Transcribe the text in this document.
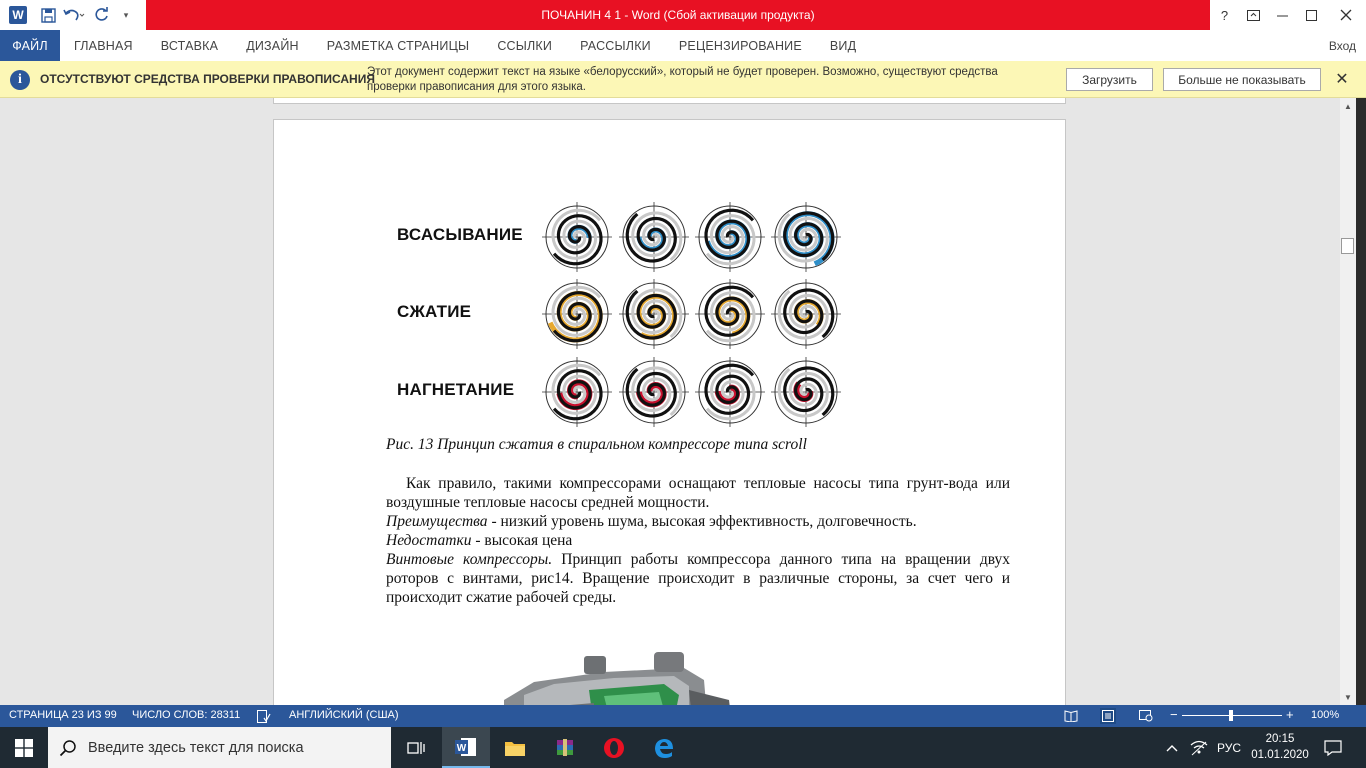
W	▾	ПОЧАНИН 4 1 - Word (Сбой активации продукта)	?
ФАЙЛ	ГЛАВНАЯ	ВСТАВКА	ДИЗАЙН	РАЗМЕТКА СТРАНИЦЫ	ССЫЛКИ	РАССЫЛКИ	РЕЦЕНЗИРОВАНИЕ	ВИД	Вход
i	ОТСУТСТВУЮТ СРЕДСТВА ПРОВЕРКИ ПРАВОПИСАНИЯ
Этот документ содержит текст на языке «белорусский», который не будет проверен. Возможно, существуют средства проверки правописания для этого языка.
Загрузить	Больше не показывать	✕
ВСАСЫВАНИЕ
СЖАТИЕ
НАГНЕТАНИЕ
Рис. 13 Принцип сжатия в спиральном компрессоре типа scroll

Как правило, такими компрессорами оснащают тепловые насосы типа грунт-вода или воздушные тепловые насосы средней мощности.

Преимущества - низкий уровень шума, высокая эффективность, долговечность.

Недостатки - высокая цена

Винтовые компрессоры. Принцип работы компрессора данного типа на вращении двух роторов с винтами, рис14. Вращение происходит в различные стороны, за счет чего и происходит сжатие рабочей среды.

▲
▼
СТРАНИЦА 23 ИЗ 99 ЧИСЛО СЛОВ: 28311	АНГЛИЙСКИЙ (США)	−	+ 100%
Введите здесь текст для поиска
W	РУС
20:15
01.01.2020
